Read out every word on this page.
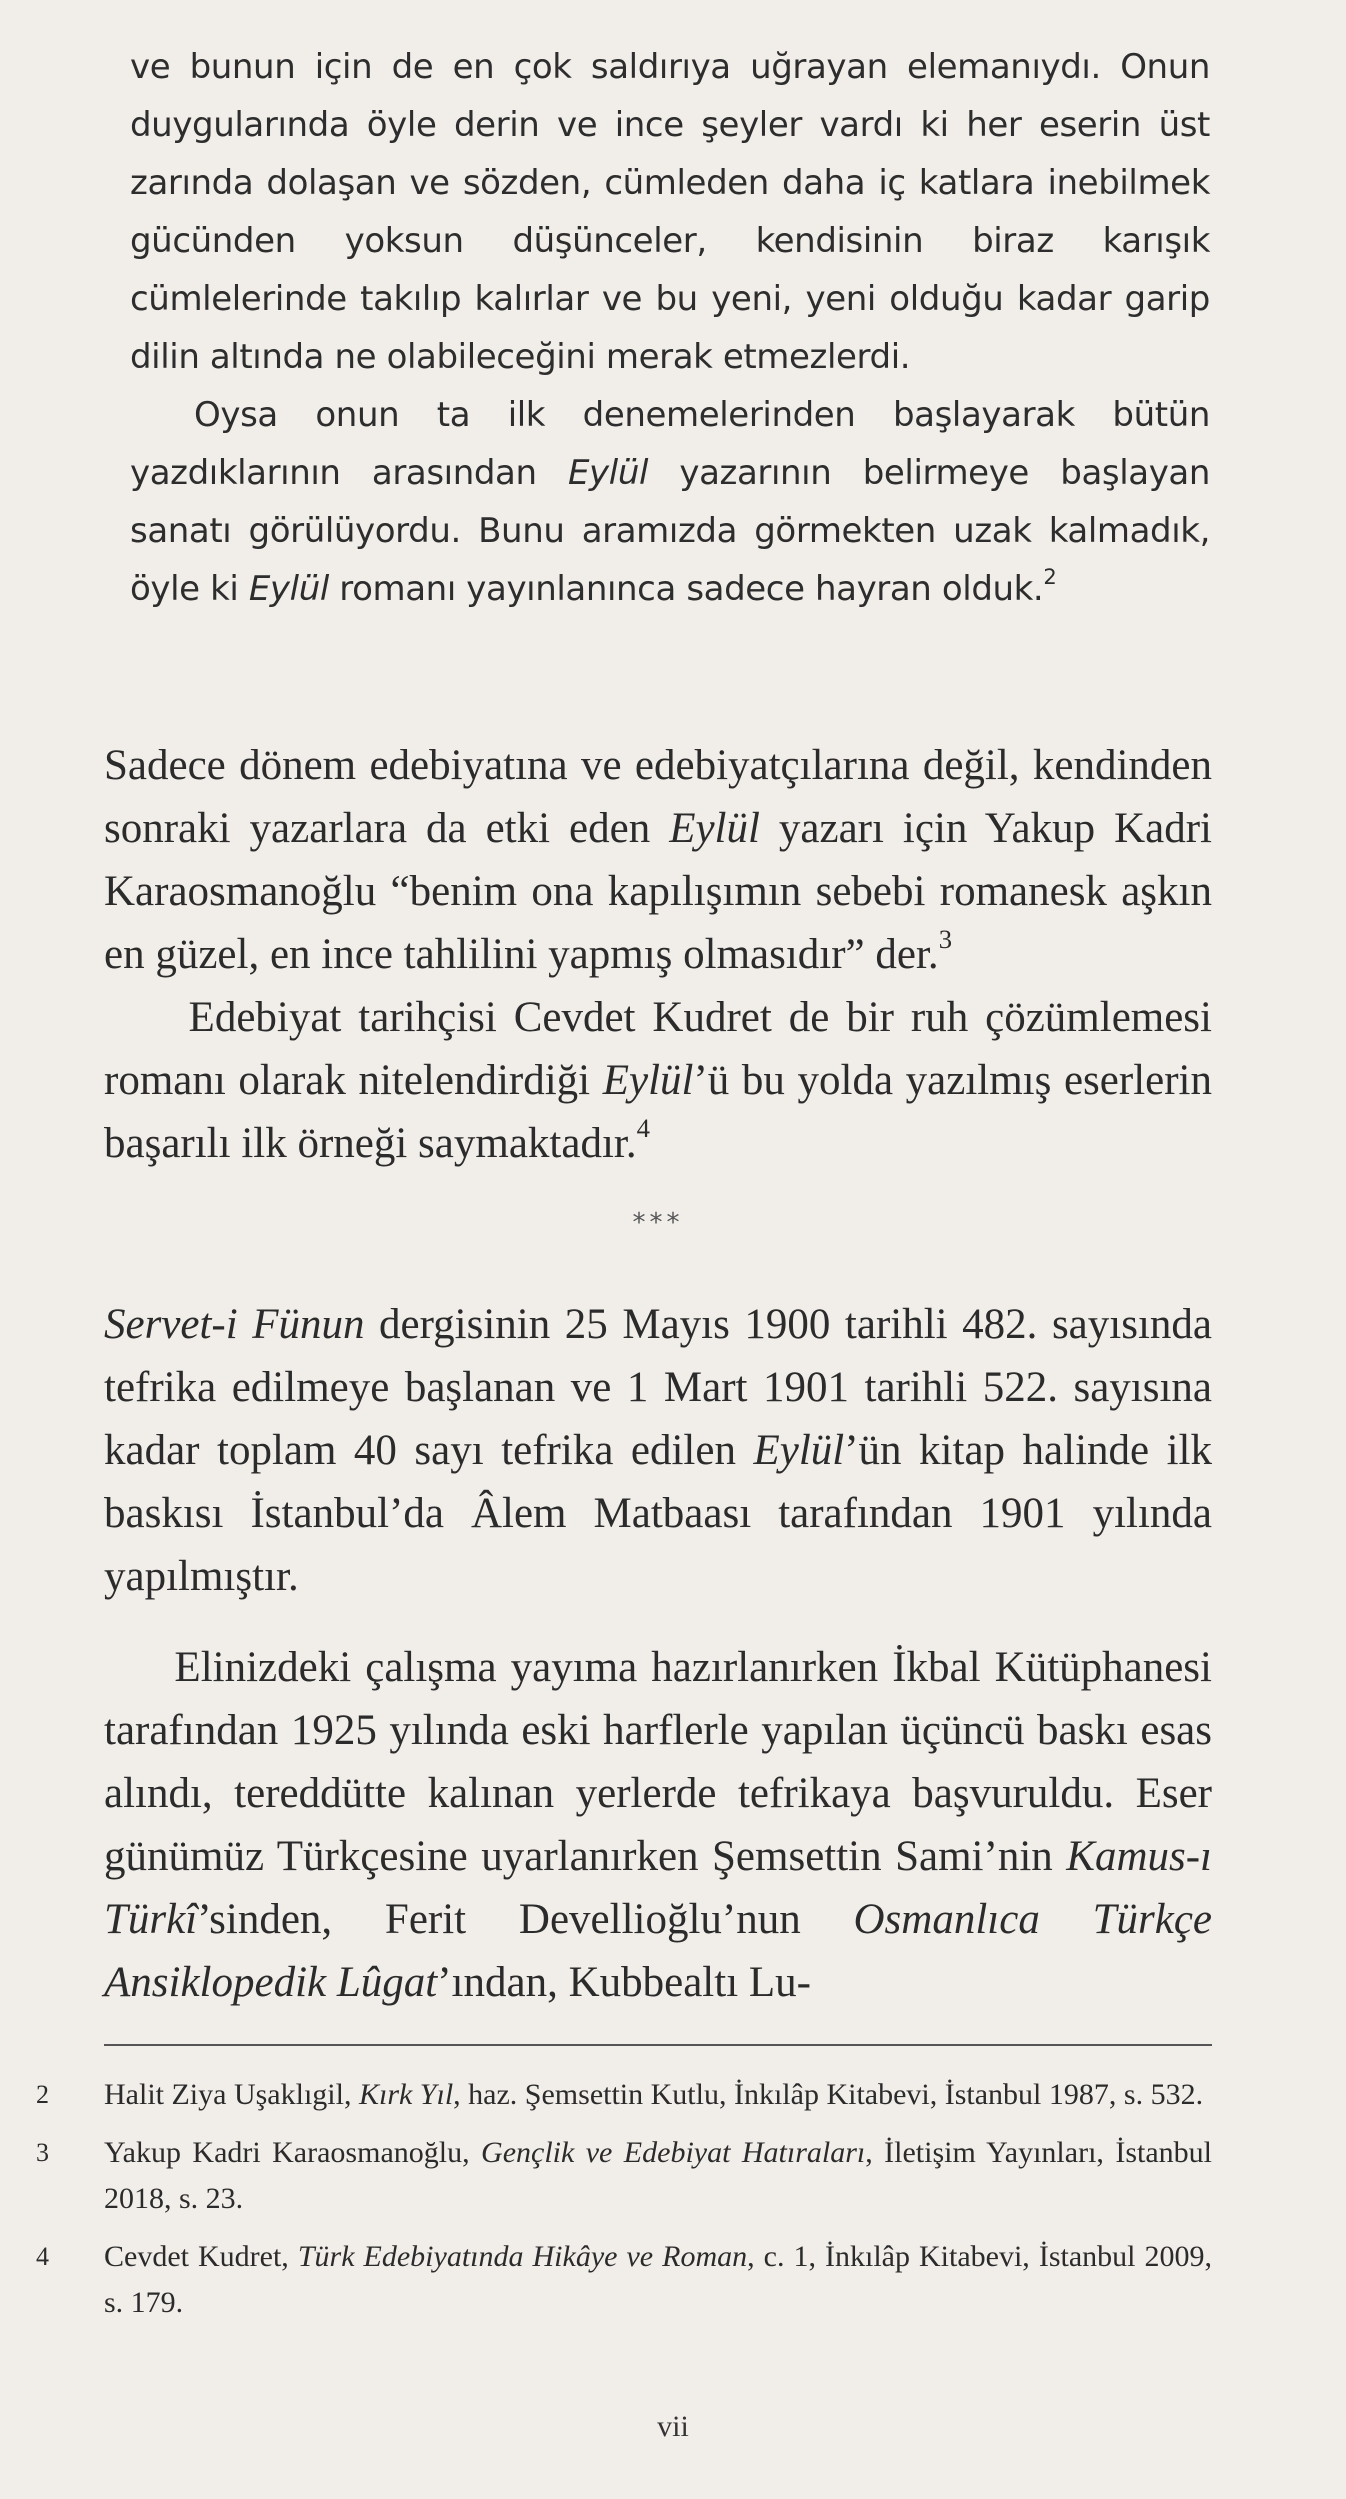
ve bunun için de en çok saldırıya uğrayan elemanıydı. Onun duygularında öyle derin ve ince şeyler vardı ki her eserin üst zarında dolaşan ve sözden, cümleden daha iç katlara inebilmek gücünden yoksun düşünceler, kendisinin biraz karışık cümlelerinde takılıp kalırlar ve bu yeni, yeni olduğu kadar garip dilin altında ne olabileceğini merak etmezlerdi.

Oysa onun ta ilk denemelerinden başlayarak bütün yazdıklarının arasından Eylül yazarının belirmeye başlayan sanatı görülüyordu. Bunu aramızda görmekten uzak kalmadık, öyle ki Eylül romanı yayınlanınca sadece hayran olduk.$^2$

Sadece dönem edebiyatına ve edebiyatçılarına değil, kendinden sonraki yazarlara da etki eden Eylül yazarı için Yakup Kadri Karaosmanoğlu “benim ona kapılışımın sebebi romanesk aşkın en güzel, en ince tahlilini yapmış olmasıdır” der.$^3$

Edebiyat tarihçisi Cevdet Kudret de bir ruh çözümlemesi romanı olarak nitelendirdiği Eylül’ü bu yolda yazılmış eserlerin başarılı ilk örneği saymaktadır.$^4$

***

Servet-i Fünun dergisinin 25 Mayıs 1900 tarihli 482. sayısında tefrika edilmeye başlanan ve 1 Mart 1901 tarihli 522. sayısına kadar toplam 40 sayı tefrika edilen Eylül’ün kitap halinde ilk baskısı İstanbul’da Âlem Matbaası tarafından 1901 yılında yapılmıştır.

Elinizdeki çalışma yayıma hazırlanırken İkbal Kütüphanesi tarafından 1925 yılında eski harflerle yapılan üçüncü baskı esas alındı, tereddütte kalınan yerlerde tefrikaya başvuruldu. Eser günümüz Türkçesine uyarlanırken Şemsettin Sami’nin Kamus-ı Türkî’sinden, Ferit Devellioğlu’nun Osmanlıca Türkçe Ansiklopedik Lûgat’ından, Kubbealtı Lu-

2	Halit Ziya Uşaklıgil, Kırk Yıl, haz. Şemsettin Kutlu, İnkılâp Kitabevi, İstanbul 1987, s. 532.
3	Yakup Kadri Karaosmanoğlu, Gençlik ve Edebiyat Hatıraları, İletişim Yayınları, İstanbul 2018, s. 23.
4	Cevdet Kudret, Türk Edebiyatında Hikâye ve Roman, c. 1, İnkılâp Kitabevi, İstanbul 2009, s. 179.
vii
